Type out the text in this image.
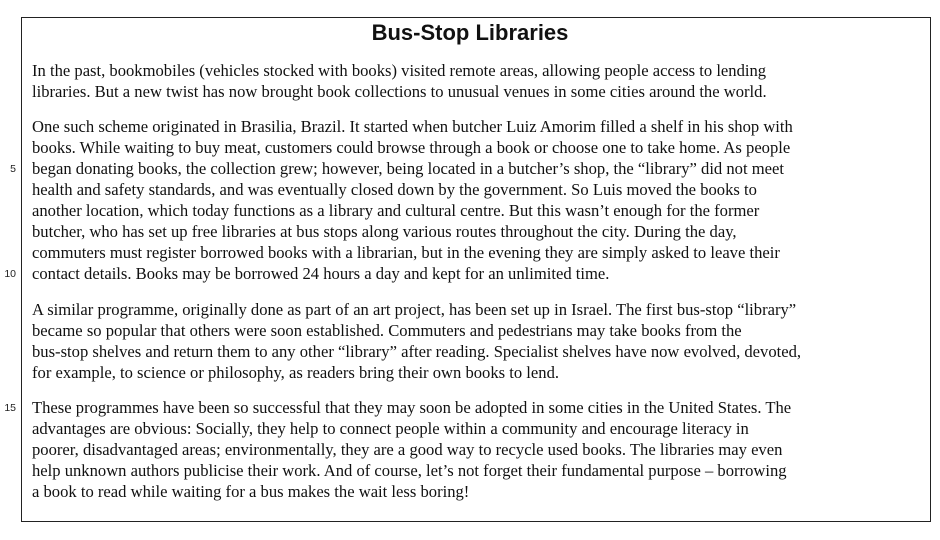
Bus-Stop Libraries
In the past, bookmobiles (vehicles stocked with books) visited remote areas, allowing people access to lending
libraries. But a new twist has now brought book collections to unusual venues in some cities around the world.
One such scheme originated in Brasilia, Brazil. It started when butcher Luiz Amorim filled a shelf in his shop with
books. While waiting to buy meat, customers could browse through a book or choose one to take home. As people
began donating books, the collection grew; however, being located in a butcher’s shop, the “library” did not meet
health and safety standards, and was eventually closed down by the government. So Luis moved the books to
another location, which today functions as a library and cultural centre. But this wasn’t enough for the former
butcher, who has set up free libraries at bus stops along various routes throughout the city. During the day,
commuters must register borrowed books with a librarian, but in the evening they are simply asked to leave their
contact details. Books may be borrowed 24 hours a day and kept for an unlimited time.
A similar programme, originally done as part of an art project, has been set up in Israel. The first bus-stop “library”
became so popular that others were soon established. Commuters and pedestrians may take books from the
bus-stop shelves and return them to any other “library” after reading. Specialist shelves have now evolved, devoted,
for example, to science or philosophy, as readers bring their own books to lend.
These programmes have been so successful that they may soon be adopted in some cities in the United States. The
advantages are obvious: Socially, they help to connect people within a community and encourage literacy in
poorer, disadvantaged areas; environmentally, they are a good way to recycle used books. The libraries may even
help unknown authors publicise their work. And of course, let’s not forget their fundamental purpose – borrowing
a book to read while waiting for a bus makes the wait less boring!
5
10
15
